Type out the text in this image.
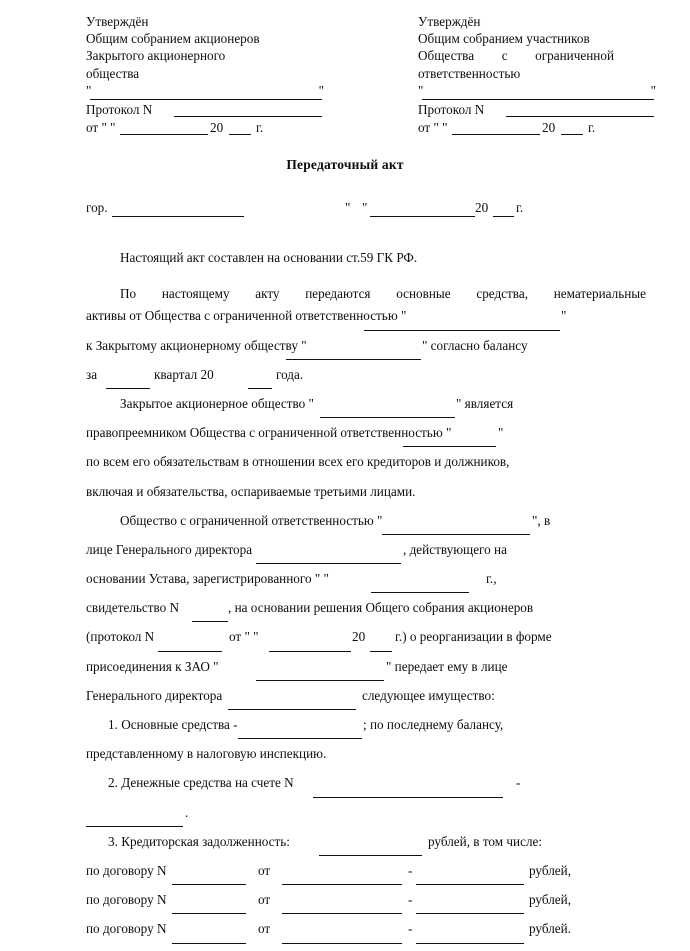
Утверждён
Общим собранием акционеров
Закрытого акционерного
общества
"	"
Протокол N
от " "	20 г.
Утверждён
Общим собранием участников
Общества с ограниченной
ответственностью
"	"
Протокол N
от " "	20 г.
Передаточный акт
гор.	" "	20 г.
Настоящий акт составлен на основании ст.59 ГК РФ.
По настоящему акту передаются основные средства, нематериальные
активы от Общества с ограниченной ответственностью "	"
к Закрытому акционерному обществу "	" согласно балансу
за	квартал 20	года.
Закрытое акционерное общество "	" является
правопреемником Общества с ограниченной ответственностью "	"
по всем его обязательствам в отношении всех его кредиторов и должников,
включая и обязательства, оспариваемые третьими лицами.
Общество с ограниченной ответственностью "	", в
лице Генерального директора	, действующего на
основании Устава, зарегистрированного " "	г.,
свидетельство N	, на основании решения Общего собрания акционеров
(протокол N	от " "	20 г.) о реорганизации в форме
присоединения к ЗАО "	" передает ему в лице
Генерального директора	следующее имущество:
1. Основные средства -	; по последнему балансу,
представленному в налоговую инспекцию.
2. Денежные средства на счете N	-
.
3. Кредиторская задолженность:	рублей, в том числе:
по договору N	от	-	рублей,
по договору N	от	-	рублей,
по договору N	от	-	рублей.
